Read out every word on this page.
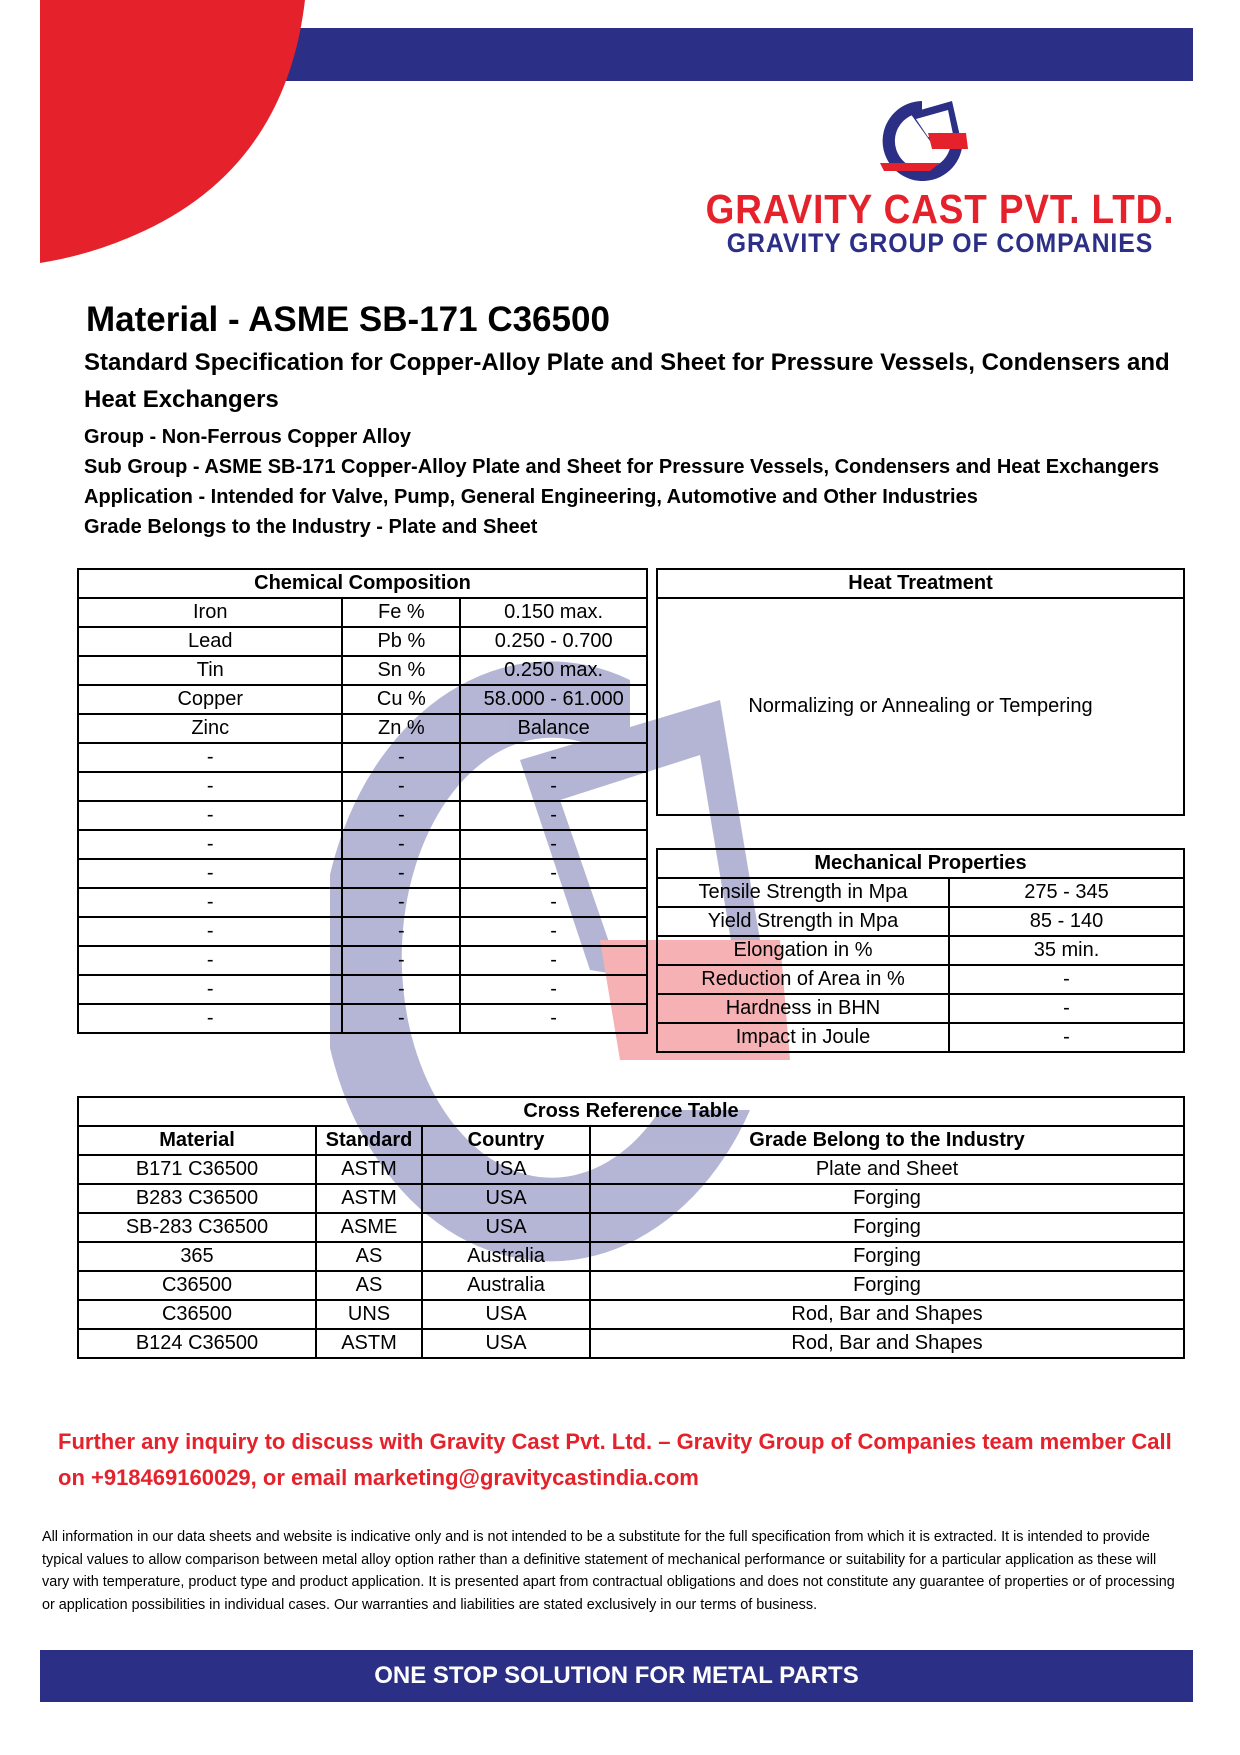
GRAVITY CAST PVT. LTD.
GRAVITY GROUP OF COMPANIES
Material - ASME SB-171 C36500
Standard Specification for Copper-Alloy Plate and Sheet for Pressure Vessels, Condensers and Heat Exchangers
Group - Non-Ferrous Copper Alloy
Sub Group - ASME SB-171 Copper-Alloy Plate and Sheet for Pressure Vessels, Condensers and Heat Exchangers
Application - Intended for Valve, Pump, General Engineering, Automotive and Other Industries
Grade Belongs to the Industry - Plate and Sheet
Chemical Composition		
Iron	Fe %	0.150 max.
Lead	Pb %	0.250 - 0.700
Tin	Sn %	0.250 max.
Copper	Cu %	58.000 - 61.000
Zinc	Zn %	Balance
-	-	-
-	-	-
-	-	-
-	-	-
-	-	-
-	-	-
-	-	-
-	-	-
-	-	-
-	-	-
Heat Treatment
Normalizing or Annealing or Tempering
Mechanical Properties	
Tensile Strength in Mpa	275 - 345
Yield Strength in Mpa	85 - 140
Elongation in %	35 min.
Reduction of Area in %	-
Hardness in BHN	-
Impact in Joule	-
Cross Reference Table			
Material	Standard	Country	Grade Belong to the Industry
B171 C36500	ASTM	USA	Plate and Sheet
B283 C36500	ASTM	USA	Forging
SB-283 C36500	ASME	USA	Forging
365	AS	Australia	Forging
C36500	AS	Australia	Forging
C36500	UNS	USA	Rod, Bar and Shapes
B124 C36500	ASTM	USA	Rod, Bar and Shapes
Further any inquiry to discuss with Gravity Cast Pvt. Ltd. – Gravity Group of Companies team member Call on +918469160029, or email marketing@gravitycastindia.com
All information in our data sheets and website is indicative only and is not intended to be a substitute for the full specification from which it is extracted. It is intended to provide typical values to allow comparison between metal alloy option rather than a definitive statement of mechanical performance or suitability for a particular application as these will vary with temperature, product type and product application. It is presented apart from contractual obligations and does not constitute any guarantee of properties or of processing or application possibilities in individual cases. Our warranties and liabilities are stated exclusively in our terms of business.
ONE STOP SOLUTION FOR METAL PARTS
